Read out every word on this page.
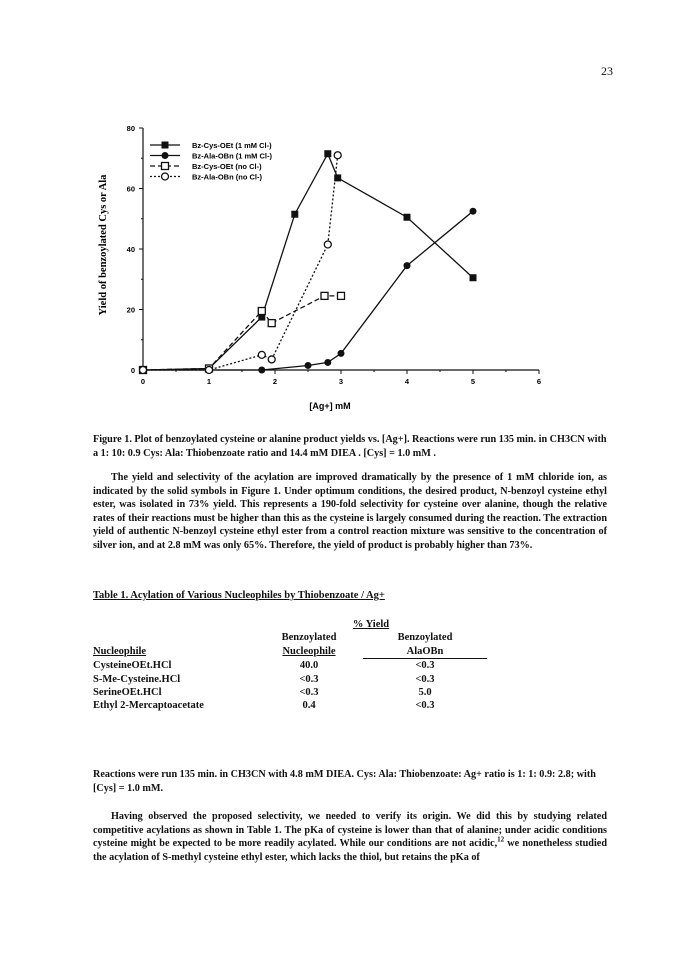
23
0	1	2	3	4	5	6
0
20
40
60
80
Bz-Cys-OEt (1 mM Cl-)
Bz-Ala-OBn (1 mM Cl-)
Bz-Cys-OEt (no Cl-)
Bz-Ala-OBn (no Cl-)
[Ag+] mM
Yield of benzoylated Cys or Ala
Figure 1. Plot of benzoylated cysteine or alanine product yields vs. [Ag+]. Reactions were run 135 min. in CH3CN with a 1: 10: 0.9 Cys: Ala: Thiobenzoate ratio and 14.4 mM DIEA . [Cys] = 1.0 mM .
The yield and selectivity of the acylation are improved dramatically by the presence of 1 mM chloride ion, as indicated by the solid symbols in Figure 1. Under optimum conditions, the desired product, N-benzoyl cysteine ethyl ester, was isolated in 73% yield. This represents a 190-fold selectivity for cysteine over alanine, though the relative rates of their reactions must be higher than this as the cysteine is largely consumed during the reaction. The extraction yield of authentic N-benzoyl cysteine ethyl ester from a control reaction mixture was sensitive to the concentration of silver ion, and at 2.8 mM was only 65%. Therefore, the yield of product is probably higher than 73%.
Table 1. Acylation of Various Nucleophiles by Thiobenzoate / Ag+
	% Yield	
	Benzoylated	Benzoylated
Nucleophile	Nucleophile	AlaOBn
CysteineOEt.HCl	40.0	<0.3
S-Me-Cysteine.HCl	<0.3	<0.3
SerineOEt.HCl	<0.3	5.0
Ethyl 2-Mercaptoacetate	0.4	<0.3
Reactions were run 135 min. in CH3CN with 4.8 mM DIEA. Cys: Ala: Thiobenzoate: Ag+ ratio is 1: 1: 0.9: 2.8; with [Cys] = 1.0 mM.
Having observed the proposed selectivity, we needed to verify its origin. We did this by studying related competitive acylations as shown in Table 1. The pKa of cysteine is lower than that of alanine; under acidic conditions cysteine might be expected to be more readily acylated. While our conditions are not acidic,$^{12}$ we nonetheless studied the acylation of S-methyl cysteine ethyl ester, which lacks the thiol, but retains the pKa of
